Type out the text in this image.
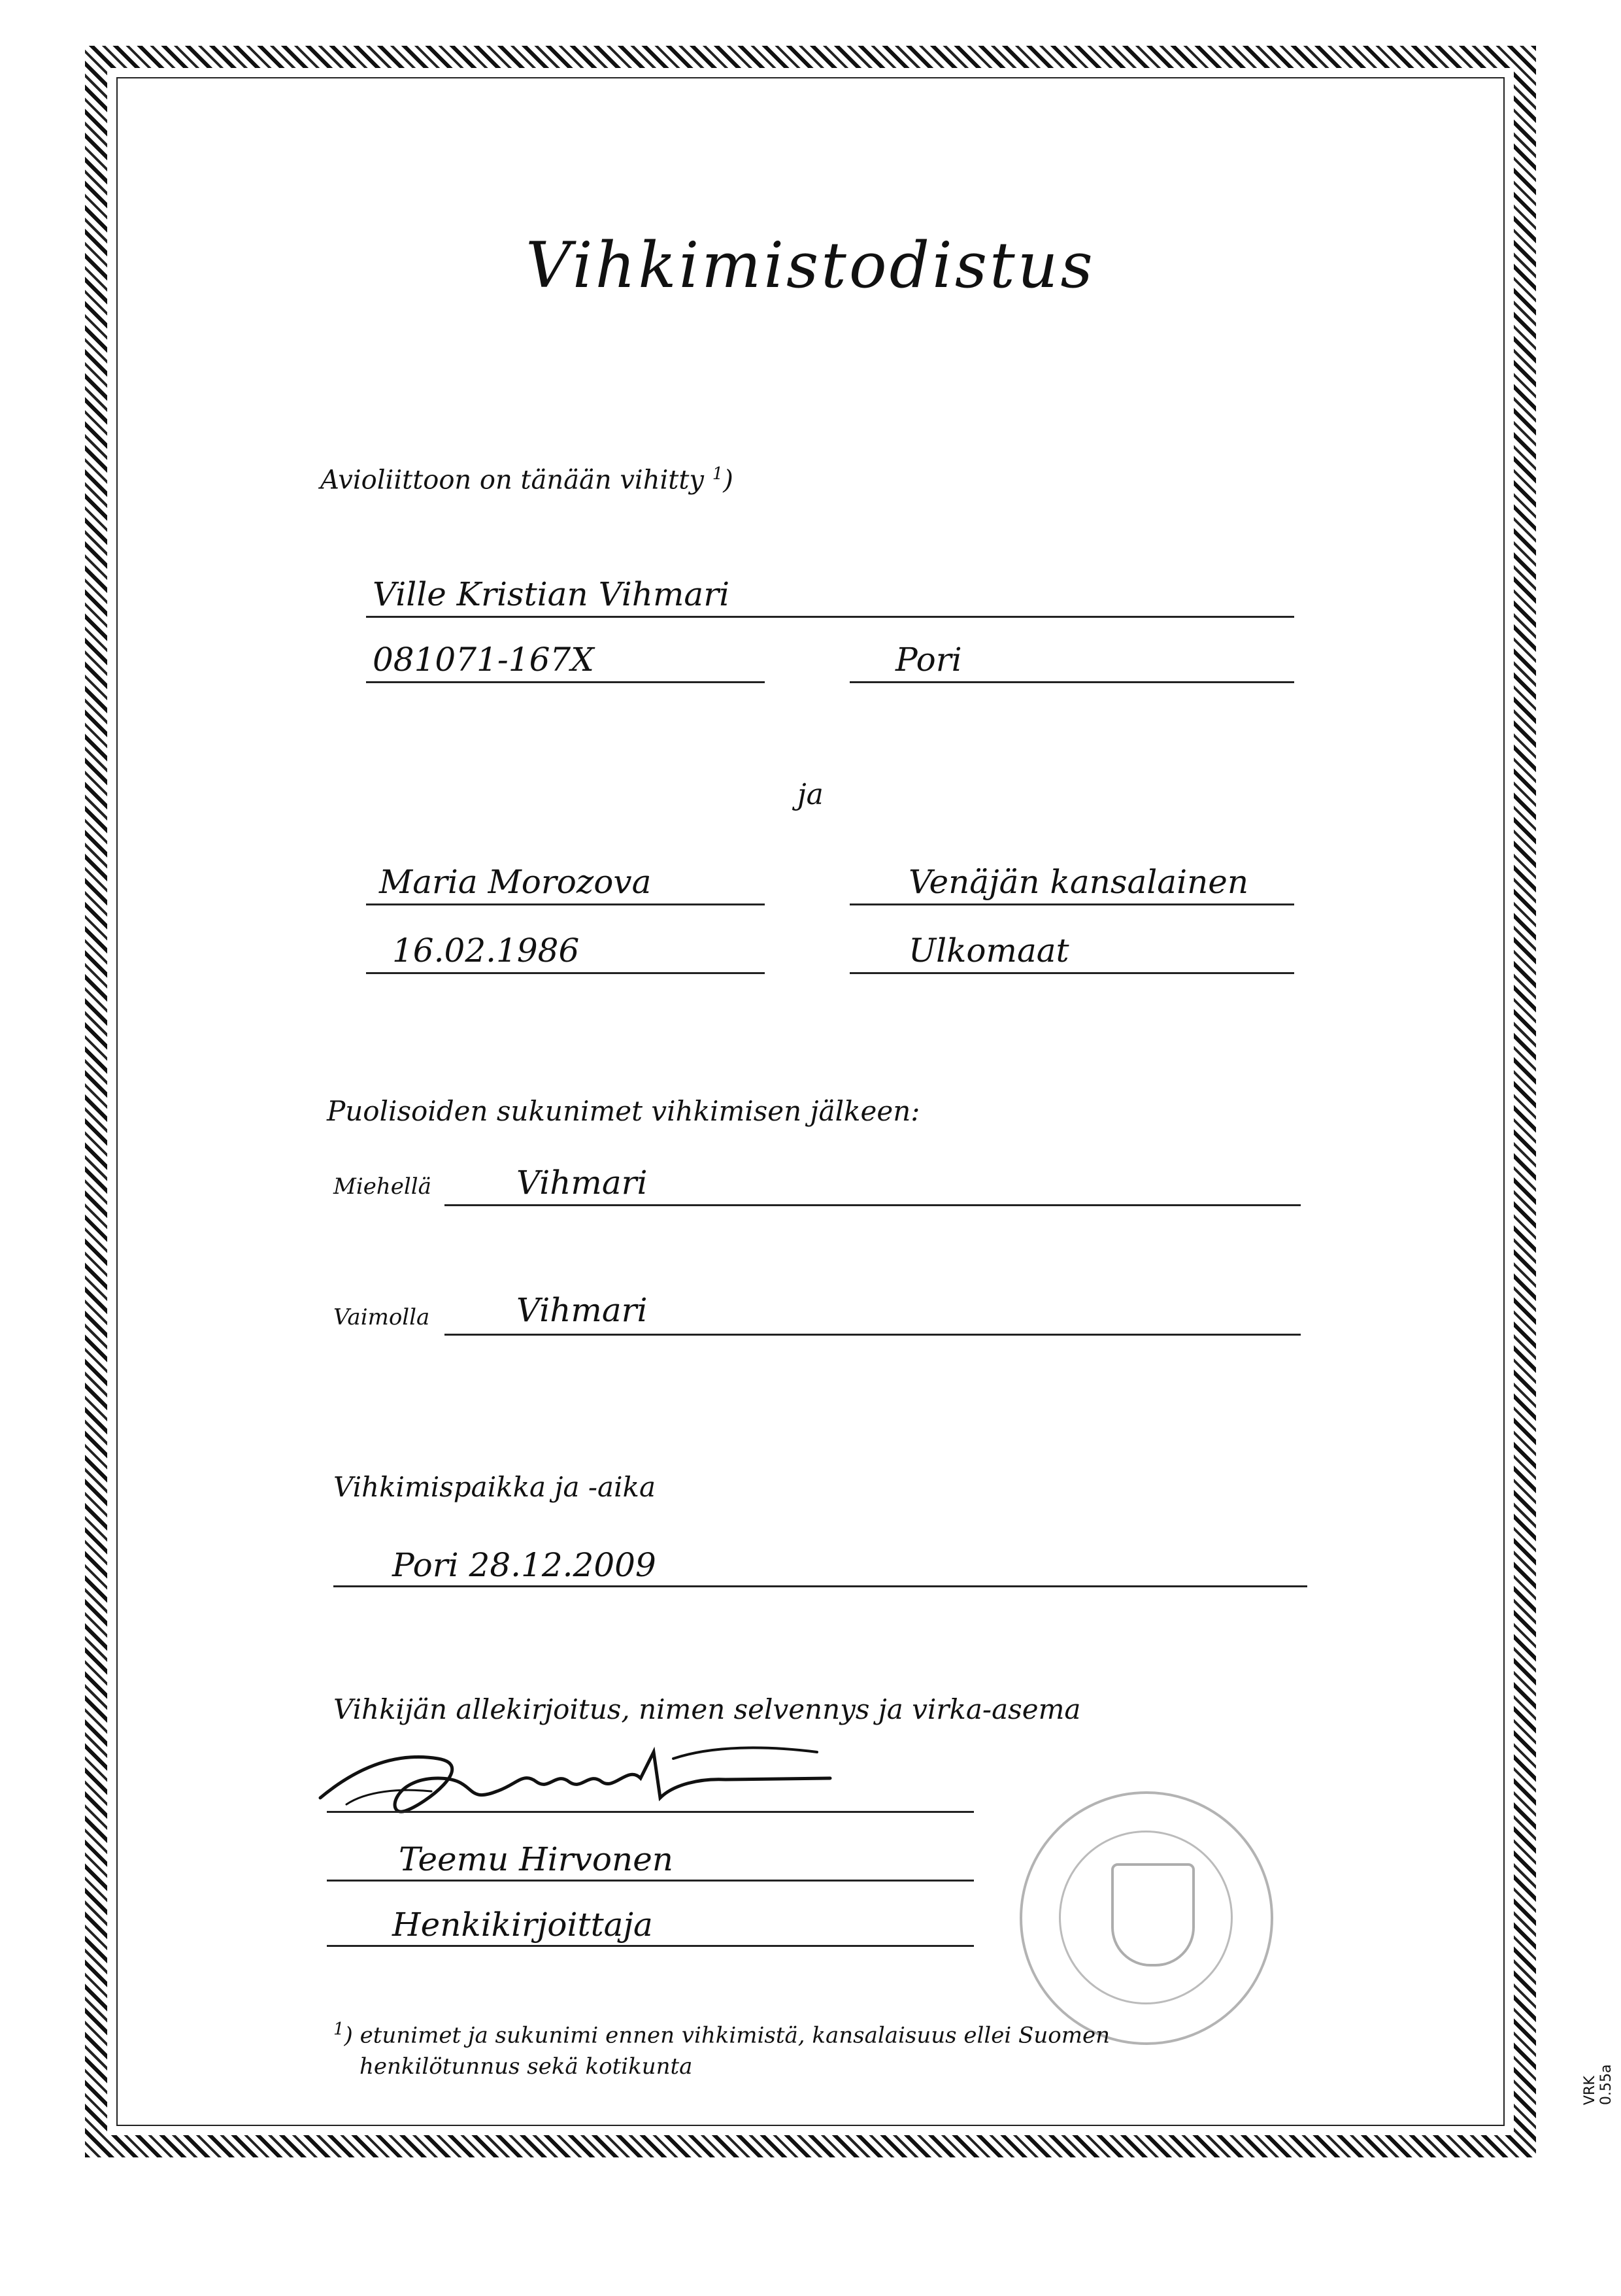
Vihkimistodistus
Avioliittoon on tänään vihitty $^1$)
Ville Kristian Vihmari
081071-167X	Pori
ja
Maria Morozova	Venäjän kansalainen
16.02.1986	Ulkomaat
Puolisoiden sukunimet vihkimisen jälkeen:
Miehellä	Vihmari
Vaimolla	Vihmari
Vihkimispaikka ja -aika
Pori 28.12.2009
Vihkijän allekirjoitus, nimen selvennys ja virka-asema
Teemu Hirvonen
Henkikirjoittaja
$^1$) etunimet ja sukunimi ennen vihkimistä, kansalaisuus ellei Suomen
henkilötunnus sekä kotikunta
VRK 0.55a
